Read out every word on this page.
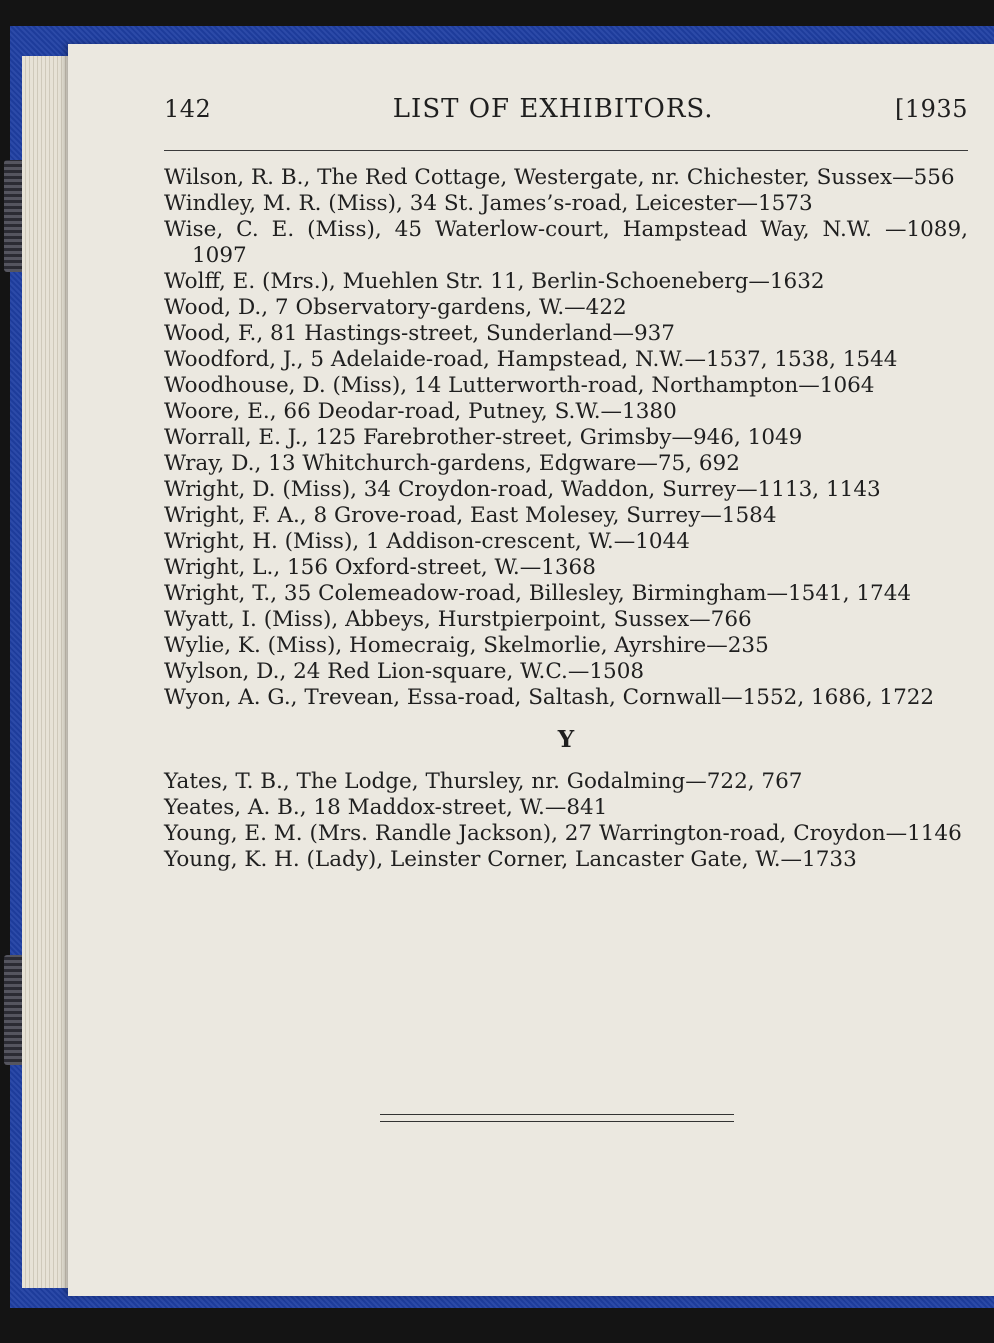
142	LIST OF EXHIBITORS.	[1935
Wilson, R. B., The Red Cottage, Westergate, nr. Chichester, Sussex—556
Windley, M. R. (Miss), 34 St. James’s-road, Leicester—1573
Wise, C. E. (Miss), 45 Waterlow-court, Hampstead Way, N.W. —1089, 1097
Wolff, E. (Mrs.), Muehlen Str. 11, Berlin-Schoeneberg—1632
Wood, D., 7 Observatory-gardens, W.—422
Wood, F., 81 Hastings-street, Sunderland—937
Woodford, J., 5 Adelaide-road, Hampstead, N.W.—1537, 1538, 1544
Woodhouse, D. (Miss), 14 Lutterworth-road, Northampton—1064
Woore, E., 66 Deodar-road, Putney, S.W.—1380
Worrall, E. J., 125 Farebrother-street, Grimsby—946, 1049
Wray, D., 13 Whitchurch-gardens, Edgware—75, 692
Wright, D. (Miss), 34 Croydon-road, Waddon, Surrey—1113, 1143
Wright, F. A., 8 Grove-road, East Molesey, Surrey—1584
Wright, H. (Miss), 1 Addison-crescent, W.—1044
Wright, L., 156 Oxford-street, W.—1368
Wright, T., 35 Colemeadow-road, Billesley, Birmingham—1541, 1744
Wyatt, I. (Miss), Abbeys, Hurstpierpoint, Sussex—766
Wylie, K. (Miss), Homecraig, Skelmorlie, Ayrshire—235
Wylson, D., 24 Red Lion-square, W.C.—1508
Wyon, A. G., Trevean, Essa-road, Saltash, Cornwall—1552, 1686, 1722
Y
Yates, T. B., The Lodge, Thursley, nr. Godalming—722, 767
Yeates, A. B., 18 Maddox-street, W.—841
Young, E. M. (Mrs. Randle Jackson), 27 Warrington-road, Croydon—1146
Young, K. H. (Lady), Leinster Corner, Lancaster Gate, W.—1733
